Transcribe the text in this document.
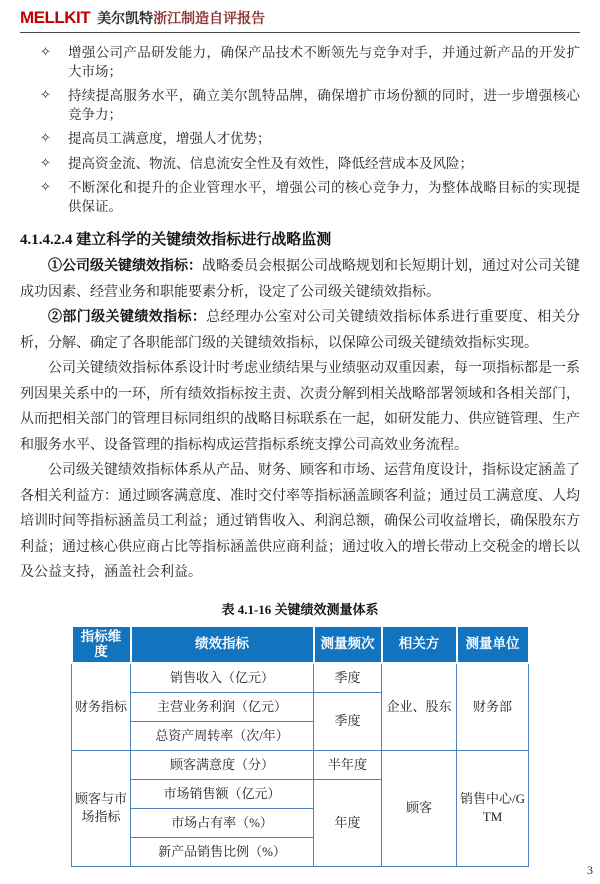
MELLKIT 美尔凯特 浙江制造自评报告
✧	增强公司产品研发能力，确保产品技术不断领先与竞争对手，并通过新产品的开发扩大市场；
✧	持续提高服务水平，确立美尔凯特品牌，确保增扩市场份额的同时，进一步增强核心竞争力；
✧	提高员工满意度，增强人才优势；
✧	提高资金流、物流、信息流安全性及有效性，降低经营成本及风险；
✧	不断深化和提升的企业管理水平，增强公司的核心竞争力，为整体战略目标的实现提供保证。
4.1.4.2.4 建立科学的关键绩效指标进行战略监测

①公司级关键绩效指标：战略委员会根据公司战略规划和长短期计划，通过对公司关键成功因素、经营业务和职能要素分析，设定了公司级关键绩效指标。

②部门级关键绩效指标：总经理办公室对公司关键绩效指标体系进行重要度、相关分析，分解、确定了各职能部门级的关键绩效指标，以保障公司级关键绩效指标实现。

公司关键绩效指标体系设计时考虑业绩结果与业绩驱动双重因素，每一项指标都是一系列因果关系中的一环，所有绩效指标按主责、次责分解到相关战略部署领域和各相关部门，从而把相关部门的管理目标同组织的战略目标联系在一起，如研发能力、供应链管理、生产和服务水平、设备管理的指标构成运营指标系统支撑公司高效业务流程。

公司级关键绩效指标体系从产品、财务、顾客和市场、运营角度设计，指标设定涵盖了各相关利益方：通过顾客满意度、准时交付率等指标涵盖顾客利益；通过员工满意度、人均培训时间等指标涵盖员工利益；通过销售收入、利润总额，确保公司收益增长，确保股东方利益；通过核心供应商占比等指标涵盖供应商利益；通过收入的增长带动上交税金的增长以及公益支持，涵盖社会利益。

表 4.1-16 关键绩效测量体系
指标维度	绩效指标	测量频次	相关方	测量单位
财务指标	销售收入（亿元）	季度	企业、股东	财务部
	主营业务利润（亿元）	季度		
	总资产周转率（次/年）			
顾客与市场指标	顾客满意度（分）	半年度	顾客	销售中心/GTM
	市场销售额（亿元）	年度		
	市场占有率（%）			
	新产品销售比例（%）			
3
